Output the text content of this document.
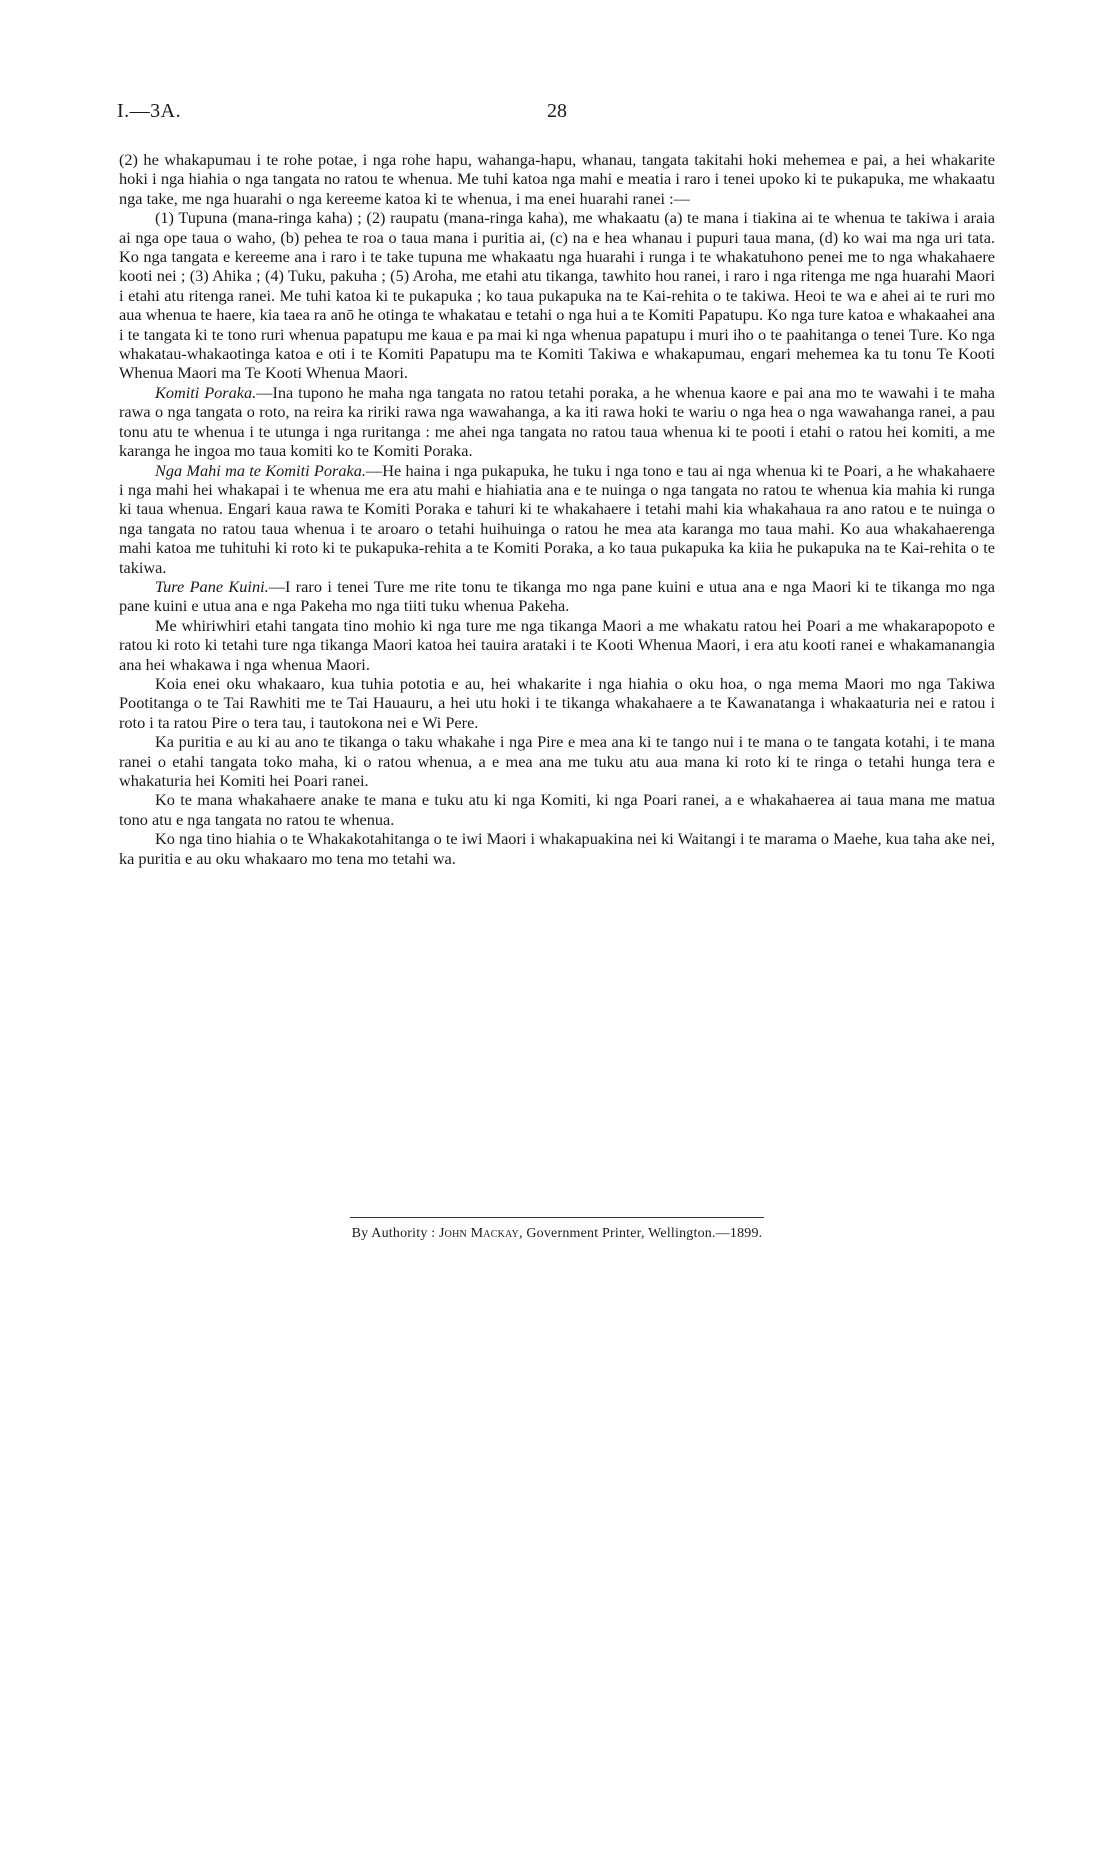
I.—3A.	28

(2) he whakapumau i te rohe potae, i nga rohe hapu, wahanga-hapu, whanau, tangata takitahi hoki mehemea e pai, a hei whakarite hoki i nga hiahia o nga tangata no ratou te whenua. Me tuhi katoa nga mahi e meatia i raro i tenei upoko ki te pukapuka, me whakaatu nga take, me nga huarahi o nga kereeme katoa ki te whenua, i ma enei huarahi ranei :—

(1) Tupuna (mana-ringa kaha) ; (2) raupatu (mana-ringa kaha), me whakaatu (a) te mana i tiakina ai te whenua te takiwa i araia ai nga ope taua o waho, (b) pehea te roa o taua mana i puritia ai, (c) na e hea whanau i pupuri taua mana, (d) ko wai ma nga uri tata. Ko nga tangata e kereeme ana i raro i te take tupuna me whakaatu nga huarahi i runga i te whakatuhono penei me to nga whakahaere kooti nei ; (3) Ahika ; (4) Tuku, pakuha ; (5) Aroha, me etahi atu tikanga, tawhito hou ranei, i raro i nga ritenga me nga huarahi Maori i etahi atu ritenga ranei. Me tuhi katoa ki te pukapuka ; ko taua pukapuka na te Kai-rehita o te takiwa. Heoi te wa e ahei ai te ruri mo aua whenua te haere, kia taea ra anō he otinga te whakatau e tetahi o nga hui a te Komiti Papatupu. Ko nga ture katoa e whakaahei ana i te tangata ki te tono ruri whenua papatupu me kaua e pa mai ki nga whenua papatupu i muri iho o te paahitanga o tenei Ture. Ko nga whakatau-whakaotinga katoa e oti i te Komiti Papatupu ma te Komiti Takiwa e whakapumau, engari mehemea ka tu tonu Te Kooti Whenua Maori ma Te Kooti Whenua Maori.

Komiti Poraka.—Ina tupono he maha nga tangata no ratou tetahi poraka, a he whenua kaore e pai ana mo te wawahi i te maha rawa o nga tangata o roto, na reira ka ririki rawa nga wawahanga, a ka iti rawa hoki te wariu o nga hea o nga wawahanga ranei, a pau tonu atu te whenua i te utunga i nga ruritanga : me ahei nga tangata no ratou taua whenua ki te pooti i etahi o ratou hei komiti, a me karanga he ingoa mo taua komiti ko te Komiti Poraka.

Nga Mahi ma te Komiti Poraka.—He haina i nga pukapuka, he tuku i nga tono e tau ai nga whenua ki te Poari, a he whakahaere i nga mahi hei whakapai i te whenua me era atu mahi e hiahiatia ana e te nuinga o nga tangata no ratou te whenua kia mahia ki runga ki taua whenua. Engari kaua rawa te Komiti Poraka e tahuri ki te whakahaere i tetahi mahi kia whakahaua ra ano ratou e te nuinga o nga tangata no ratou taua whenua i te aroaro o tetahi huihuinga o ratou he mea ata karanga mo taua mahi. Ko aua whakahaerenga mahi katoa me tuhituhi ki roto ki te pukapuka-rehita a te Komiti Poraka, a ko taua pukapuka ka kiia he pukapuka na te Kai-rehita o te takiwa.

Ture Pane Kuini.—I raro i tenei Ture me rite tonu te tikanga mo nga pane kuini e utua ana e nga Maori ki te tikanga mo nga pane kuini e utua ana e nga Pakeha mo nga tiiti tuku whenua Pakeha.

Me whiriwhiri etahi tangata tino mohio ki nga ture me nga tikanga Maori a me whakatu ratou hei Poari a me whakarapopoto e ratou ki roto ki tetahi ture nga tikanga Maori katoa hei tauira arataki i te Kooti Whenua Maori, i era atu kooti ranei e whakamanangia ana hei whakawa i nga whenua Maori.

Koia enei oku whakaaro, kua tuhia pototia e au, hei whakarite i nga hiahia o oku hoa, o nga mema Maori mo nga Takiwa Pootitanga o te Tai Rawhiti me te Tai Hauauru, a hei utu hoki i te tikanga whakahaere a te Kawanatanga i whakaaturia nei e ratou i roto i ta ratou Pire o tera tau, i tautokona nei e Wi Pere.

Ka puritia e au ki au ano te tikanga o taku whakahe i nga Pire e mea ana ki te tango nui i te mana o te tangata kotahi, i te mana ranei o etahi tangata toko maha, ki o ratou whenua, a e mea ana me tuku atu aua mana ki roto ki te ringa o tetahi hunga tera e whakaturia hei Komiti hei Poari ranei.

Ko te mana whakahaere anake te mana e tuku atu ki nga Komiti, ki nga Poari ranei, a e whakahaerea ai taua mana me matua tono atu e nga tangata no ratou te whenua.

Ko nga tino hiahia o te Whakakotahitanga o te iwi Maori i whakapuakina nei ki Waitangi i te marama o Maehe, kua taha ake nei, ka puritia e au oku whakaaro mo tena mo tetahi wa.

By Authority : John Mackay, Government Printer, Wellington.—1899.
